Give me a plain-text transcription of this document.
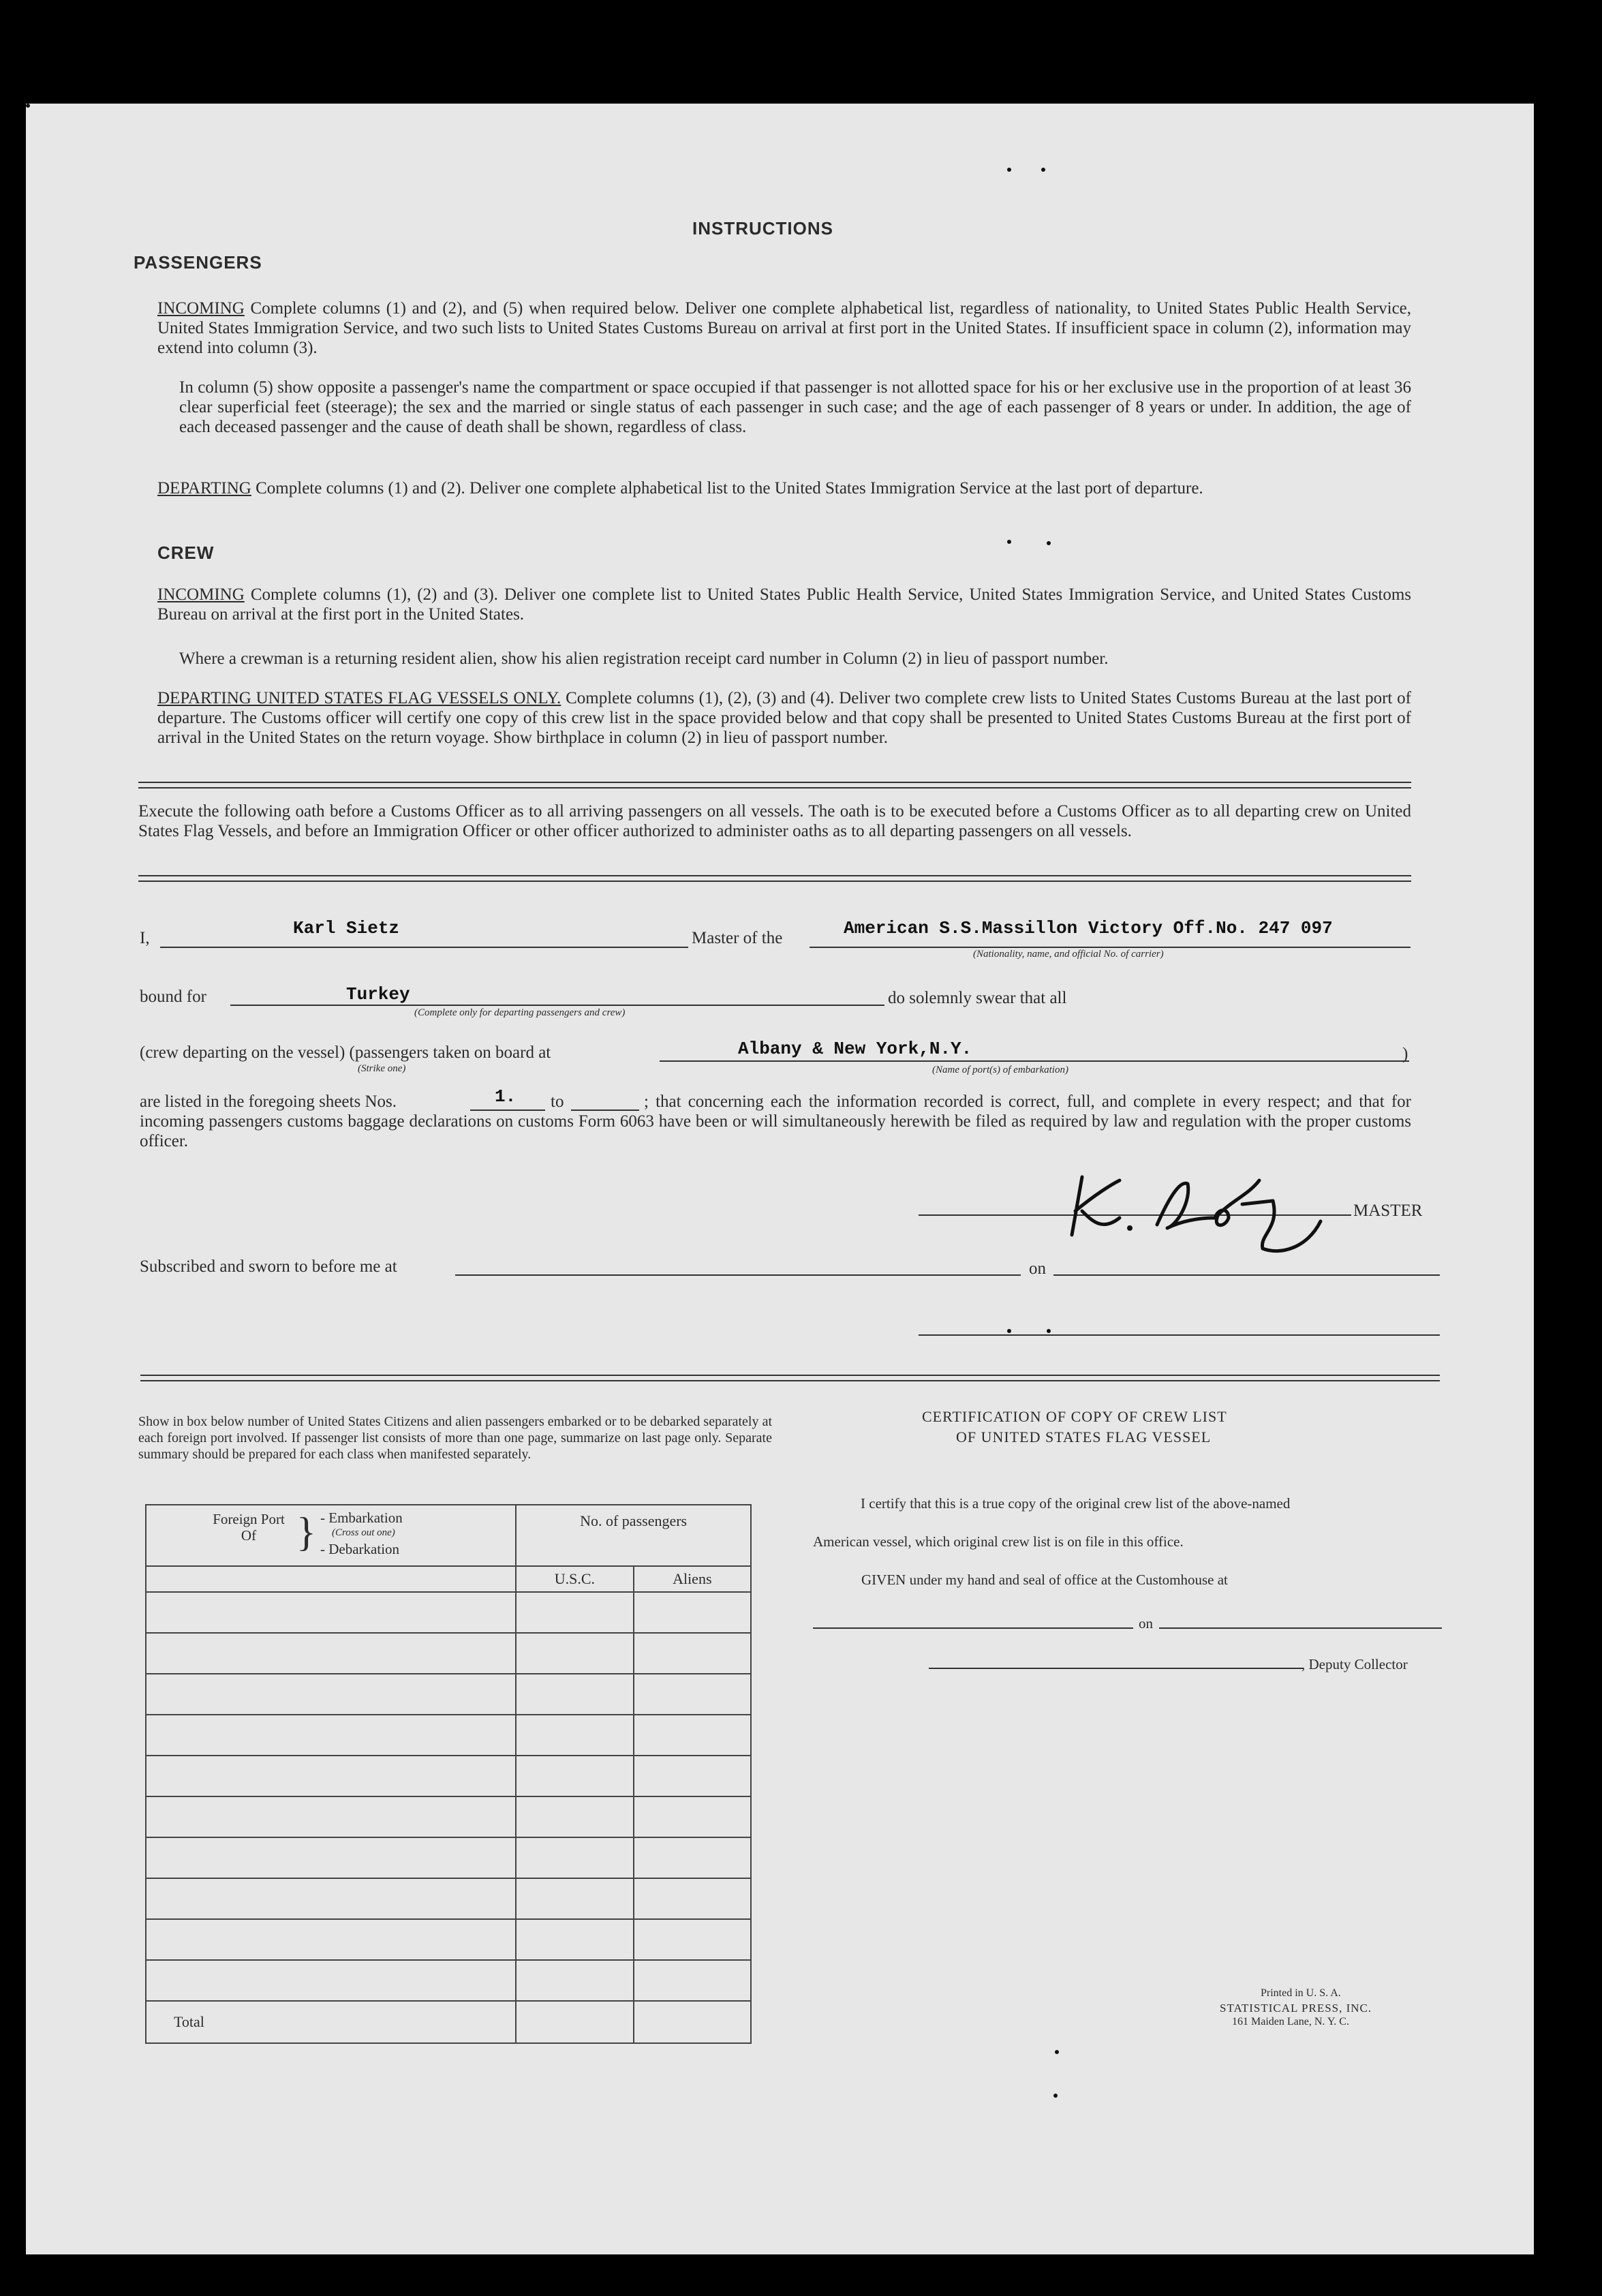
INSTRUCTIONS
PASSENGERS
INCOMING Complete columns (1) and (2), and (5) when required below. Deliver one complete alphabetical list, regardless of nationality, to United States Public Health Service, United States Immigration Service, and two such lists to United States Customs Bureau on arrival at first port in the United States. If insufficient space in column (2), information may extend into column (3).
In column (5) show opposite a passenger's name the compartment or space occupied if that passenger is not allotted space for his or her exclusive use in the proportion of at least 36 clear superficial feet (steerage); the sex and the married or single status of each passenger in such case; and the age of each passenger of 8 years or under. In addition, the age of each deceased passenger and the cause of death shall be shown, regardless of class.
DEPARTING Complete columns (1) and (2). Deliver one complete alphabetical list to the United States Immigration Service at the last port of departure.
CREW
INCOMING Complete columns (1), (2) and (3). Deliver one complete list to United States Public Health Service, United States Immigration Service, and United States Customs Bureau on arrival at the first port in the United States.
Where a crewman is a returning resident alien, show his alien registration receipt card number in Column (2) in lieu of passport number.
DEPARTING UNITED STATES FLAG VESSELS ONLY. Complete columns (1), (2), (3) and (4). Deliver two complete crew lists to United States Customs Bureau at the last port of departure. The Customs officer will certify one copy of this crew list in the space provided below and that copy shall be presented to United States Customs Bureau at the first port of arrival in the United States on the return voyage. Show birthplace in column (2) in lieu of passport number.
Execute the following oath before a Customs Officer as to all arriving passengers on all vessels. The oath is to be executed before a Customs Officer as to all departing crew on United States Flag Vessels, and before an Immigration Officer or other officer authorized to administer oaths as to all departing passengers on all vessels.
I,	Karl Sietz	Master of the	American S.S.Massillon Victory Off.No. 247 097
(Nationality, name, and official No. of carrier)
bound for	Turkey
(Complete only for departing passengers and crew)
do solemnly swear that all
(crew departing on the vessel) (passengers taken on board at
(Strike one)
Albany & New York,N.Y.
(Name of port(s) of embarkation)
)
are listed in the foregoing sheets Nos.	1. to	; that concerning each the information recorded is correct, full, and complete in every respect; and that for incoming passengers customs baggage declarations on customs Form 6063 have been or will simultaneously herewith be filed as required by law and regulation with the proper customs officer.
MASTER
Subscribed and sworn to before me at	on
Show in box below number of United States Citizens and alien passengers embarked or to be debarked separately at each foreign port involved. If passenger list consists of more than one page, summarize on last page only. Separate summary should be prepared for each class when manifested separately.
Foreign Port Of } - Embarkation
(Cross out one)
- Debarkation	No. of passengers	
	U.S.C.	Aliens

Total		
CERTIFICATION OF COPY OF CREW LIST
OF UNITED STATES FLAG VESSEL
I certify that this is a true copy of the original crew list of the above-named
American vessel, which original crew list is on file in this office.
GIVEN under my hand and seal of office at the Customhouse at
on
, Deputy Collector
Printed in U. S. A.
STATISTICAL PRESS, INC.
161 Maiden Lane, N. Y. C.
